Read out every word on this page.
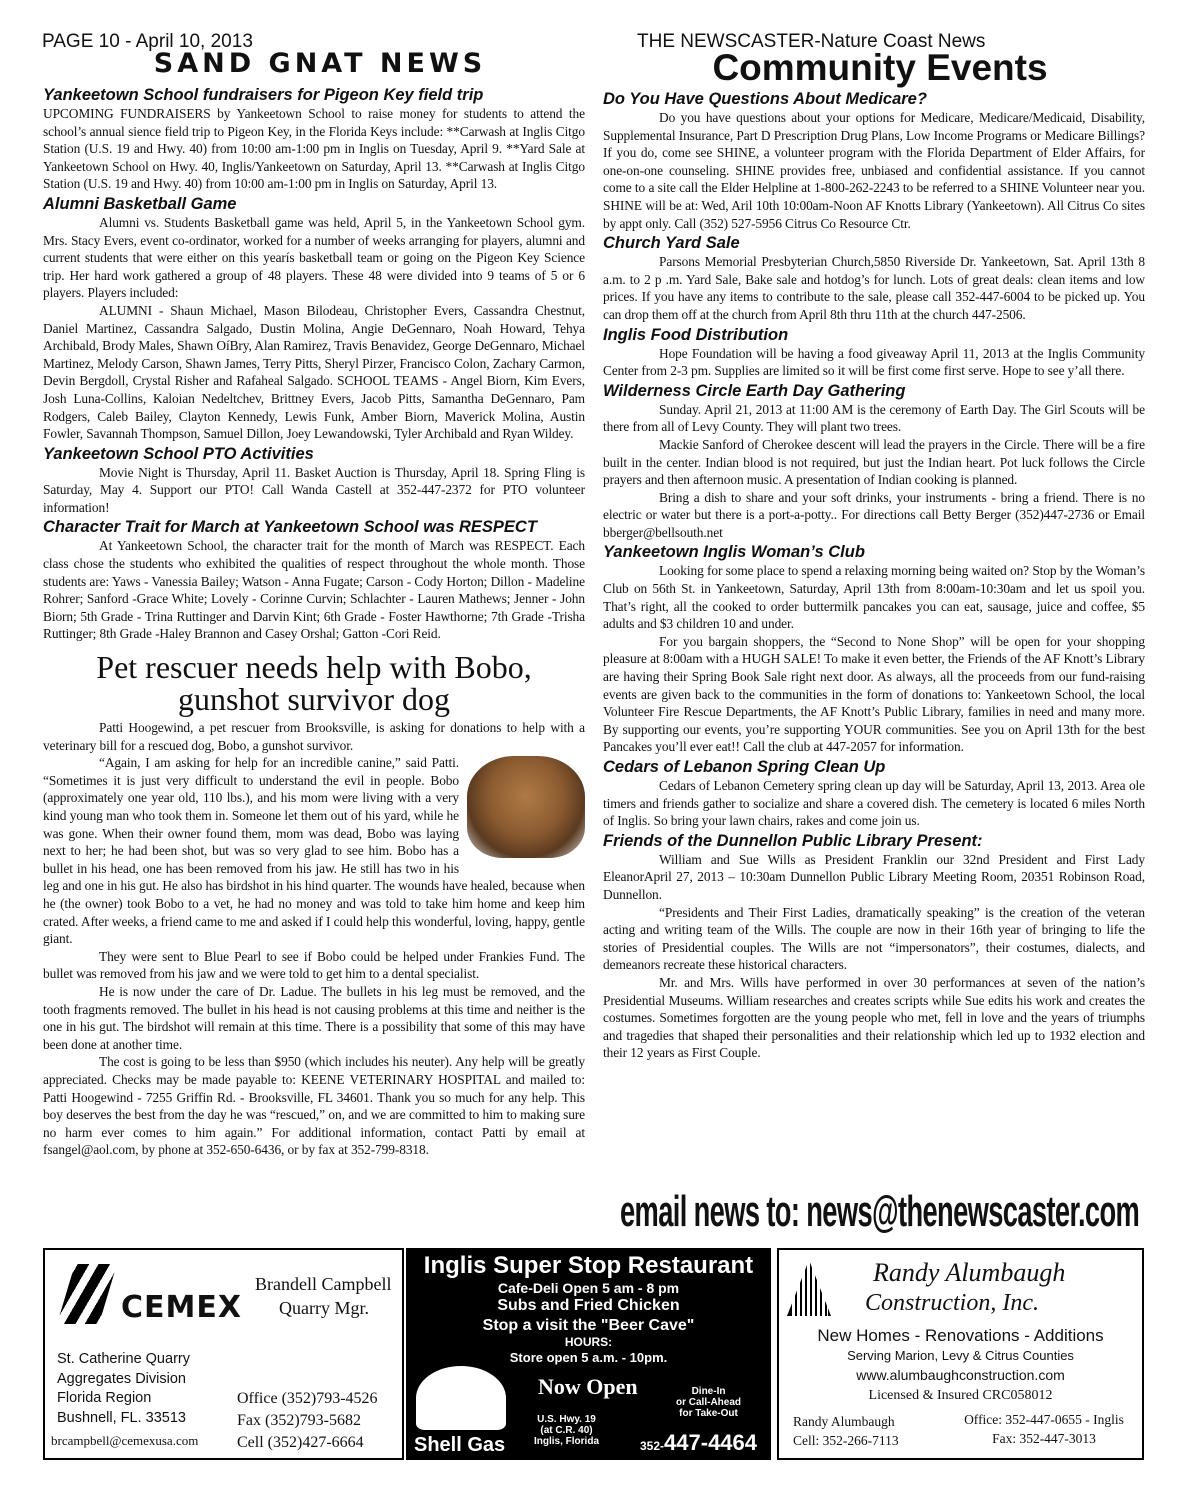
PAGE 10 - April 10, 2013	THE NEWSCASTER-Nature Coast News
SAND GNAT NEWS	Community Events
Yankeetown School fundraisers for Pigeon Key field trip

UPCOMING FUNDRAISERS by Yankeetown School to raise money for students to attend the school’s annual sience field trip to Pigeon Key, in the Florida Keys include: **Carwash at Inglis Citgo Station (U.S. 19 and Hwy. 40) from 10:00 am-1:00 pm in Inglis on Tuesday, April 9. **Yard Sale at Yankeetown School on Hwy. 40, Inglis/Yankeetown on Saturday, April 13. **Carwash at Inglis Citgo Station (U.S. 19 and Hwy. 40) from 10:00 am-1:00 pm in Inglis on Saturday, April 13.

Alumni Basketball Game

Alumni vs. Students Basketball game was held, April 5, in the Yankeetown School gym. Mrs. Stacy Evers, event co-ordinator, worked for a number of weeks arranging for players, alumni and current students that were either on this yearís basketball team or going on the Pigeon Key Science trip. Her hard work gathered a group of 48 players. These 48 were divided into 9 teams of 5 or 6 players. Players included:

ALUMNI - Shaun Michael, Mason Bilodeau, Christopher Evers, Cassandra Chestnut, Daniel Martinez, Cassandra Salgado, Dustin Molina, Angie DeGennaro, Noah Howard, Tehya Archibald, Brody Males, Shawn OíBry, Alan Ramirez, Travis Benavidez, George DeGennaro, Michael Martinez, Melody Carson, Shawn James, Terry Pitts, Sheryl Pirzer, Francisco Colon, Zachary Carmon, Devin Bergdoll, Crystal Risher and Rafaheal Salgado. SCHOOL TEAMS - Angel Biorn, Kim Evers, Josh Luna-Collins, Kaloian Nedeltchev, Brittney Evers, Jacob Pitts, Samantha DeGennaro, Pam Rodgers, Caleb Bailey, Clayton Kennedy, Lewis Funk, Amber Biorn, Maverick Molina, Austin Fowler, Savannah Thompson, Samuel Dillon, Joey Lewandowski, Tyler Archibald and Ryan Wildey.

Yankeetown School PTO Activities

Movie Night is Thursday, April 11. Basket Auction is Thursday, April 18. Spring Fling is Saturday, May 4. Support our PTO! Call Wanda Castell at 352-447-2372 for PTO volunteer information!

Character Trait for March at Yankeetown School was RESPECT

At Yankeetown School, the character trait for the month of March was RESPECT. Each class chose the students who exhibited the qualities of respect throughout the whole month. Those students are: Yaws - Vanessia Bailey; Watson - Anna Fugate; Carson - Cody Horton; Dillon - Madeline Rohrer; Sanford -Grace White; Lovely - Corinne Curvin; Schlachter - Lauren Mathews; Jenner - John Biorn; 5th Grade - Trina Ruttinger and Darvin Kint; 6th Grade - Foster Hawthorne; 7th Grade -Trisha Ruttinger; 8th Grade -Haley Brannon and Casey Orshal; Gatton -Cori Reid.

Pet rescuer needs help with Bobo, gunshot survivor dog

Patti Hoogewind, a pet rescuer from Brooksville, is asking for donations to help with a veterinary bill for a rescued dog, Bobo, a gunshot survivor.

“Again, I am asking for help for an incredible canine,” said Patti. “Sometimes it is just very difficult to understand the evil in people. Bobo (approximately one year old, 110 lbs.), and his mom were living with a very kind young man who took them in. Someone let them out of his yard, while he was gone. When their owner found them, mom was dead, Bobo was laying next to her; he had been shot, but was so very glad to see him. Bobo has a bullet in his head, one has been removed from his jaw. He still has two in his leg and one in his gut. He also has birdshot in his hind quarter. The wounds have healed, because when he (the owner) took Bobo to a vet, he had no money and was told to take him home and keep him crated. After weeks, a friend came to me and asked if I could help this wonderful, loving, happy, gentle giant.

They were sent to Blue Pearl to see if Bobo could be helped under Frankies Fund. The bullet was removed from his jaw and we were told to get him to a dental specialist.

He is now under the care of Dr. Ladue. The bullets in his leg must be removed, and the tooth fragments removed. The bullet in his head is not causing problems at this time and neither is the one in his gut. The birdshot will remain at this time. There is a possibility that some of this may have been done at another time.

The cost is going to be less than $950 (which includes his neuter). Any help will be greatly appreciated. Checks may be made payable to: KEENE VETERINARY HOSPITAL and mailed to: Patti Hoogewind - 7255 Griffin Rd. - Brooksville, FL 34601. Thank you so much for any help. This boy deserves the best from the day he was “rescued,” on, and we are committed to him to making sure no harm ever comes to him again.” For additional information, contact Patti by email at fsangel@aol.com, by phone at 352-650-6436, or by fax at 352-799-8318.

Do You Have Questions About Medicare?

Do you have questions about your options for Medicare, Medicare/Medicaid, Disability, Supplemental Insurance, Part D Prescription Drug Plans, Low Income Programs or Medicare Billings? If you do, come see SHINE, a volunteer program with the Florida Department of Elder Affairs, for one-on-one counseling. SHINE provides free, unbiased and confidential assistance. If you cannot come to a site call the Elder Helpline at 1-800-262-2243 to be referred to a SHINE Volunteer near you. SHINE will be at: Wed, Aril 10th 10:00am-Noon AF Knotts Library (Yankeetown). All Citrus Co sites by appt only. Call (352) 527-5956 Citrus Co Resource Ctr.

Church Yard Sale

Parsons Memorial Presbyterian Church,5850 Riverside Dr. Yankeetown, Sat. April 13th 8 a.m. to 2 p .m. Yard Sale, Bake sale and hotdog’s for lunch. Lots of great deals: clean items and low prices. If you have any items to contribute to the sale, please call 352-447-6004 to be picked up. You can drop them off at the church from April 8th thru 11th at the church 447-2506.

Inglis Food Distribution

Hope Foundation will be having a food giveaway April 11, 2013 at the Inglis Community Center from 2-3 pm. Supplies are limited so it will be first come first serve. Hope to see y’all there.

Wilderness Circle Earth Day Gathering

Sunday. April 21, 2013 at 11:00 AM is the ceremony of Earth Day. The Girl Scouts will be there from all of Levy County. They will plant two trees.

Mackie Sanford of Cherokee descent will lead the prayers in the Circle. There will be a fire built in the center. Indian blood is not required, but just the Indian heart. Pot luck follows the Circle prayers and then afternoon music. A presentation of Indian cooking is planned.

Bring a dish to share and your soft drinks, your instruments - bring a friend. There is no electric or water but there is a port-a-potty.. For directions call Betty Berger (352)447-2736 or Email bberger@bellsouth.net

Yankeetown Inglis Woman’s Club

Looking for some place to spend a relaxing morning being waited on? Stop by the Woman’s Club on 56th St. in Yankeetown, Saturday, April 13th from 8:00am-10:30am and let us spoil you. That’s right, all the cooked to order buttermilk pancakes you can eat, sausage, juice and coffee, $5 adults and $3 children 10 and under.

For you bargain shoppers, the “Second to None Shop” will be open for your shopping pleasure at 8:00am with a HUGH SALE! To make it even better, the Friends of the AF Knott’s Library are having their Spring Book Sale right next door. As always, all the proceeds from our fund-raising events are given back to the communities in the form of donations to: Yankeetown School, the local Volunteer Fire Rescue Departments, the AF Knott’s Public Library, families in need and many more. By supporting our events, you’re supporting YOUR communities. See you on April 13th for the best Pancakes you’ll ever eat!! Call the club at 447-2057 for information.

Cedars of Lebanon Spring Clean Up

Cedars of Lebanon Cemetery spring clean up day will be Saturday, April 13, 2013. Area ole timers and friends gather to socialize and share a covered dish. The cemetery is located 6 miles North of Inglis. So bring your lawn chairs, rakes and come join us.

Friends of the Dunnellon Public Library Present:

William and Sue Wills as President Franklin our 32nd President and First Lady EleanorApril 27, 2013 – 10:30am Dunnellon Public Library Meeting Room, 20351 Robinson Road, Dunnellon.

“Presidents and Their First Ladies, dramatically speaking” is the creation of the veteran acting and writing team of the Wills. The couple are now in their 16th year of bringing to life the stories of Presidential couples. The Wills are not “impersonators”, their costumes, dialects, and demeanors recreate these historical characters.

Mr. and Mrs. Wills have performed in over 30 performances at seven of the nation’s Presidential Museums. William researches and creates scripts while Sue edits his work and creates the costumes. Sometimes forgotten are the young people who met, fell in love and the years of triumphs and tragedies that shaped their personalities and their relationship which led up to 1932 election and their 12 years as First Couple.

email news to: news@thenewscaster.com
CEMEX
Brandell Campbell
Quarry Mgr.
St. Catherine Quarry
Aggregates Division
Florida Region
Bushnell, FL. 33513
brcampbell@cemexusa.com
Office (352)793-4526
Fax (352)793-5682
Cell (352)427-6664
Inglis Super Stop Restaurant
Cafe-Deli Open 5 am - 8 pm
Subs and Fried Chicken
Stop a visit the "Beer Cave"
HOURS:
Store open 5 a.m. - 10pm.
Now Open	Dine-In
or Call-Ahead
for Take-Out
U.S. Hwy. 19
(at C.R. 40)
Inglis, Florida
Shell Gas	352-447-4464
Randy Alumbaugh
Construction, Inc.
New Homes - Renovations - Additions
Serving Marion, Levy & Citrus Counties
www.alumbaughconstruction.com
Licensed & Insured CRC058012
Randy Alumbaugh
Cell: 352-266-7113
Office: 352-447-0655 - Inglis
Fax: 352-447-3013
